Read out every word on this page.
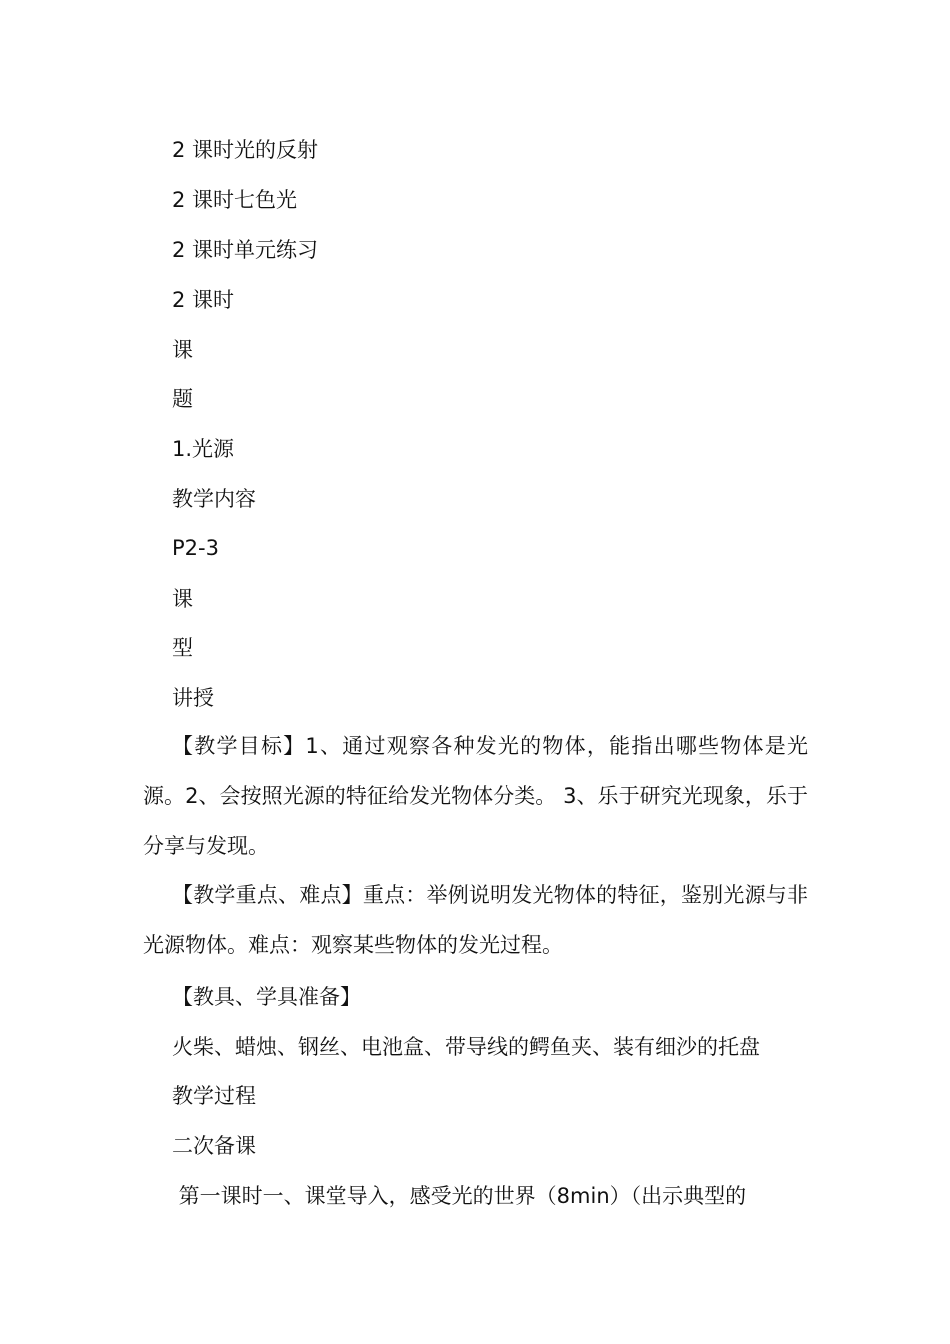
2 课时光的反射
2 课时七色光
2 课时单元练习
2 课时
课
题
1.光源
教学内容
P2-3
课
型
讲授
【教学目标】1、通过观察各种发光的物体，能指出哪些物体是光源。2、会按照光源的特征给发光物体分类。 3、乐于研究光现象，乐于分享与发现。
【教学重点、难点】重点：举例说明发光物体的特征，鉴别光源与非光源物体。难点：观察某些物体的发光过程。
【教具、学具准备】
火柴、蜡烛、钢丝、电池盒、带导线的鳄鱼夹、装有细沙的托盘
教学过程
二次备课
第一课时一、课堂导入，感受光的世界（8min）（出示典型的
